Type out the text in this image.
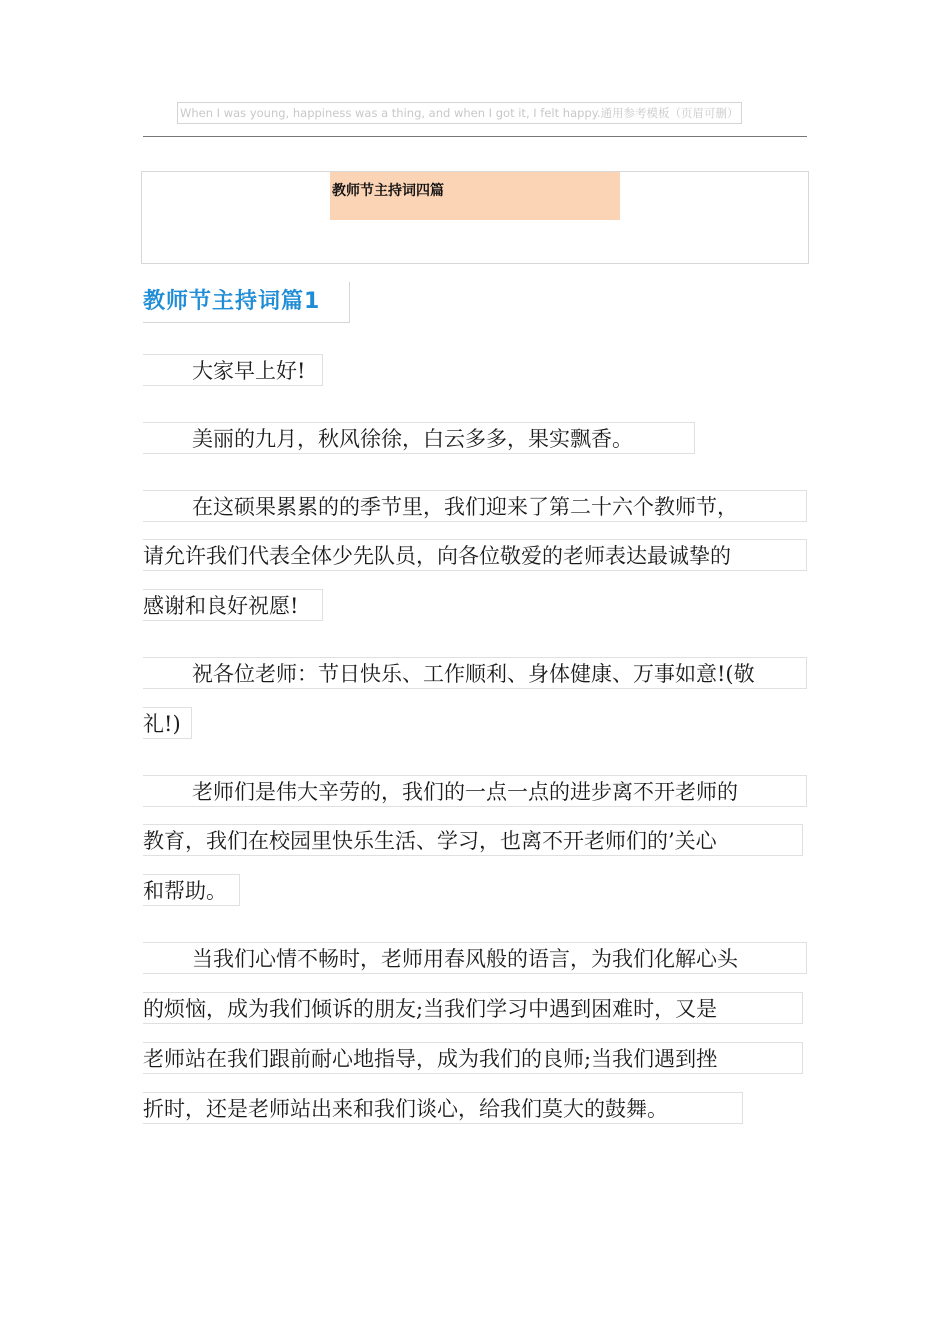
When I was young, happiness was a thing, and when I got it, I felt happy.通用参考模板（页眉可删）
教师节主持词四篇
教师节主持词篇1
大家早上好!
美丽的九月，秋风徐徐，白云多多，果实飘香。
在这硕果累累的的季节里，我们迎来了第二十六个教师节，
请允许我们代表全体少先队员，向各位敬爱的老师表达最诚挚的
感谢和良好祝愿!
祝各位老师：节日快乐、工作顺利、身体健康、万事如意!(敬
礼!)
老师们是伟大辛劳的，我们的一点一点的进步离不开老师的
教育，我们在校园里快乐生活、学习，也离不开老师们的’关心
和帮助。
当我们心情不畅时，老师用春风般的语言，为我们化解心头
的烦恼，成为我们倾诉的朋友;当我们学习中遇到困难时，又是
老师站在我们跟前耐心地指导，成为我们的良师;当我们遇到挫
折时，还是老师站出来和我们谈心，给我们莫大的鼓舞。
